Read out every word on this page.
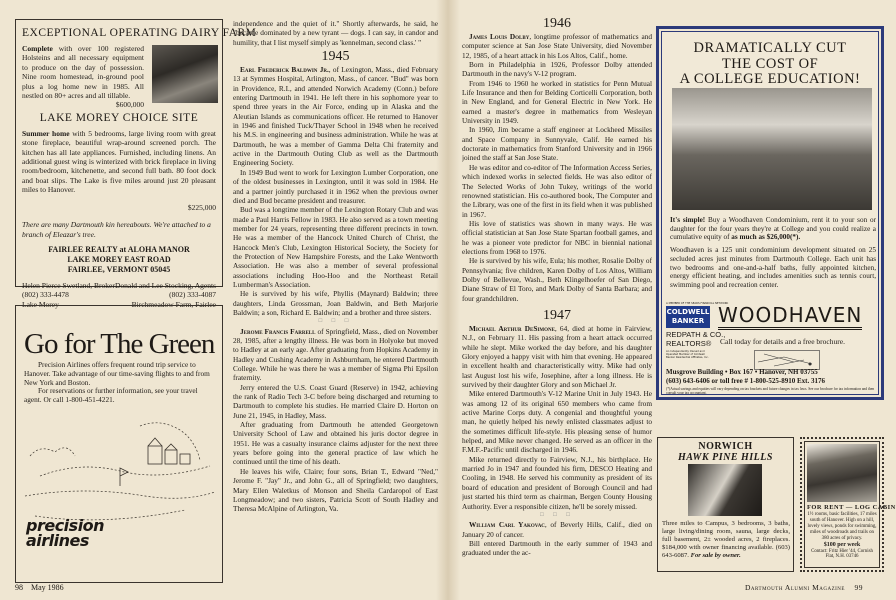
EXCEPTIONAL OPERATING DAIRY FARM
Complete with over 100 registered Holsteins and all necessary equipment to produce on the day of possession. Nine room homestead, in-ground pool plus a log home new in 1985. All nestled on 80+ acres and all tillable.
$600,000
LAKE MOREY CHOICE SITE
Summer home with 5 bedrooms, large living room with great stone fireplace, beautiful wrap-around screened porch. The kitchen has all late appliances. Furnished, including linens. An additional guest wing is winterized with brick fireplace in living room/bedroom, kitchenette, and second full bath. 80 foot dock and boat slips. The Lake is five miles around just 20 pleasant miles to Hanover.
$225,000
There are many Dartmouth kin hereabouts. We're attached to a branch of Eleazar's tree.
FAIRLEE REALTY at ALOHA MANOR
LAKE MOREY EAST ROAD
FAIRLEE, VERMONT 05045
Helen Pierce Swetland, Broker
(802) 333-4478
Lake Morey
Donald and Lee Stocking, Agents
(802) 333-4087
Birchmeadow Farm, Fairlee
Go for The Green

Precision Airlines offers frequent round trip service to Hanover. Take advantage of our time-saving flights to and from New York and Boston.

For reservations or further information, see your travel agent. Or call 1-800-451-4221.

precision
airlines
98 May 1986

independence and the quiet of it." Shortly afterwards, he said, he "became dominated by a new tyrant — dogs. I can say, in candor and humility, that I list myself simply as 'kennelman, second class.' "

1945

Earl Frederick Baldwin Jr., of Lexington, Mass., died February 13 at Symmes Hospital, Arlington, Mass., of cancer. "Bud" was born in Providence, R.I., and attended Norwich Academy (Conn.) before entering Dartmouth in 1941. He left there in his sophomore year to spend three years in the Air Force, ending up in Alaska and the Aleutian Islands as communications officer. He returned to Hanover in 1946 and finished Tuck/Thayer School in 1948 when he received his M.S. in engineering and business administration. While he was at Dartmouth, he was a member of Gamma Delta Chi fraternity and active in the Dartmouth Outing Club as well as the Dartmouth Engineering Society.

In 1949 Bud went to work for Lexington Lumber Corporation, one of the oldest businesses in Lexington, until it was sold in 1984. He and a partner jointly purchased it in 1962 when the previous owner died and Bud became president and treasurer.

Bud was a longtime member of the Lexington Rotary Club and was made a Paul Harris Fellow in 1983. He also served as a town meeting member for 24 years, representing three different precincts in town. He was a member of the Hancock United Church of Christ, the Hancock Men's Club, Lexington Historical Society, the Society for the Protection of New Hampshire Forests, and the Lake Wentworth Association. He was also a member of several professional associations including Hoo-Hoo and the Northeast Retail Lumberman's Association.

He is survived by his wife, Phyllis (Maynard) Baldwin; three daughters, Linda Grossman, Joan Baldwin, and Beth Marjorie Baldwin; a son, Richard E. Baldwin; and a brother and three sisters.

□ □ □

Jerome Francis Farrell of Springfield, Mass., died on November 28, 1985, after a lengthy illness. He was born in Holyoke but moved to Hadley at an early age. After graduating from Hopkins Academy in Hadley and Cushing Academy in Ashburnham, he entered Dartmouth College. While he was there he was a member of Sigma Phi Epsilon fraternity.

Jerry entered the U.S. Coast Guard (Reserve) in 1942, achieving the rank of Radio Tech 3-C before being discharged and returning to Dartmouth to complete his studies. He married Claire D. Horton on June 21, 1945, in Hadley, Mass.

After graduating from Dartmouth he attended Georgetown University School of Law and obtained his juris doctor degree in 1951. He was a casualty insurance claims adjuster for the next three years before going into the general practice of law which he continued until the time of his death.

He leaves his wife, Claire; four sons, Brian T., Edward "Ned," Jerome F. "Jay" Jr., and John G., all of Springfield; two daughters, Mary Ellen Waletkus of Monson and Sheila Cardaropol of East Longmeadow; and two sisters, Patricia Scott of South Hadley and Theresa McAlpine of Arlington, Va.

1946

James Louis Dolby, longtime professor of mathematics and computer science at San Jose State University, died November 12, 1985, of a heart attack in his Los Altos, Calif., home.

Born in Philadelphia in 1926, Professor Dolby attended Dartmouth in the navy's V-12 program.

From 1946 to 1960 he worked in statistics for Penn Mutual Life Insurance and then for Belding Corticelli Corporation, both in New England, and for General Electric in New York. He earned a master's degree in mathematics from Wesleyan University in 1949.

In 1960, Jim became a staff engineer at Lockheed Missiles and Space Company in Sunnyvale, Calif. He earned his doctorate in mathematics from Stanford University and in 1966 joined the staff at San Jose State.

He was editor and co-editor of The Information Access Series, which indexed works in selected fields. He was also editor of The Selected Works of John Tukey, writings of the world renowned statistician. His co-authored book, The Computer and the Library, was one of the first in its field when it was published in 1967.

His love of statistics was shown in many ways. He was official statistician at San Jose State Spartan football games, and he was a pioneer vote predictor for NBC in biennial national elections from 1968 to 1976.

He is survived by his wife, Eula; his mother, Rosalie Dolby of Pennsylvania; five children, Karen Dolby of Los Altos, William Dolby of Bellevue, Wash., Beth Klingelhoefer of San Diego, Diane Straw of El Toro, and Mark Dolby of Santa Barbara; and four grandchildren.

1947

Michael Arthur DeSimone, 64, died at home in Fairview, N.J., on February 11. His passing from a heart attack occurred while he slept. Mike worked the day before, and his daughter Glory enjoyed a happy visit with him that evening. He appeared in excellent health and characteristically witty. Mike had only last August lost his wife, Josephine, after a long illness. He is survived by their daughter Glory and son Michael Jr.

Mike entered Dartmouth's V-12 Marine Unit in July 1943. He was among 12 of its original 650 members who came from active Marine Corps duty. A congenial and thoughtful young man, he quietly helped his newly enlisted classmates adjust to the sometimes difficult life-style. His pleasing sense of humor helped, and Mike never changed. He served as an officer in the F.M.F.-Pacific until discharged in 1946.

Mike returned directly to Fairview, N.J., his birthplace. He married Jo in 1947 and founded his firm, DESCO Heating and Cooling, in 1948. He served his community as president of its board of education and president of Borough Council and had just started his third term as chairman, Bergen County Housing Authority. Ever a responsible citizen, he'll be sorely missed.

□ □ □

William Carl Yakovac, of Beverly Hills, Calif., died on January 20 of cancer.

Bill entered Dartmouth in the early summer of 1943 and graduated under the ac-

DRAMATICALLY CUT
THE COST OF
A COLLEGE EDUCATION!

It's simple! Buy a Woodhaven Condominium, rent it to your son or daughter for the four years they're at College and you could realize a cumulative equity of as much as $26,000(*).

Woodhaven is a 125 unit condominium development situated on 25 secluded acres just minutes from Dartmouth College. Each unit has two bedrooms and one-and-a-half baths, fully appointed kitchen, energy efficient heating, and includes amenities such as tennis court, swimming pool and recreation center.

A MEMBER OF THE SEARS FINANCIAL NETWORK
COLDWELL
BANKER
REDPATH & CO.,
REALTORS®
An Independently Owned and Operated Member of Coldwell Banker Residential Affiliates, Inc.
WOODHAVEN
Call today for details and a free brochure.
Musgrove Building • Box 167 • Hanover, NH 03755
(603) 643-6406 or toll free # 1-800-525-8910 Ext. 3176
(*)Actual savings and equities will vary depending on tax brackets and future changes in tax laws. See our brochure for tax information and then consult your tax accountant.
NORWICH
HAWK PINE HILLS
Three miles to Campus, 3 bedrooms, 3 baths, large living/dining room, sauna, large decks, full basement, 2± wooded acres, 2 fireplaces. $184,000 with owner financing available. (603) 643-6087. For sale by owner.
FOR RENT — LOG CABIN
1½ rooms, basic facilities, 17 miles south of Hanover. High on a hill, lovely views, ponds for swimming, miles of woodroads and trails on 380 acres of privacy.
$100 per week
Contact: Fritz Hier '44, Cornish Flat, N.H. 03746
Dartmouth Alumni Magazine 99
